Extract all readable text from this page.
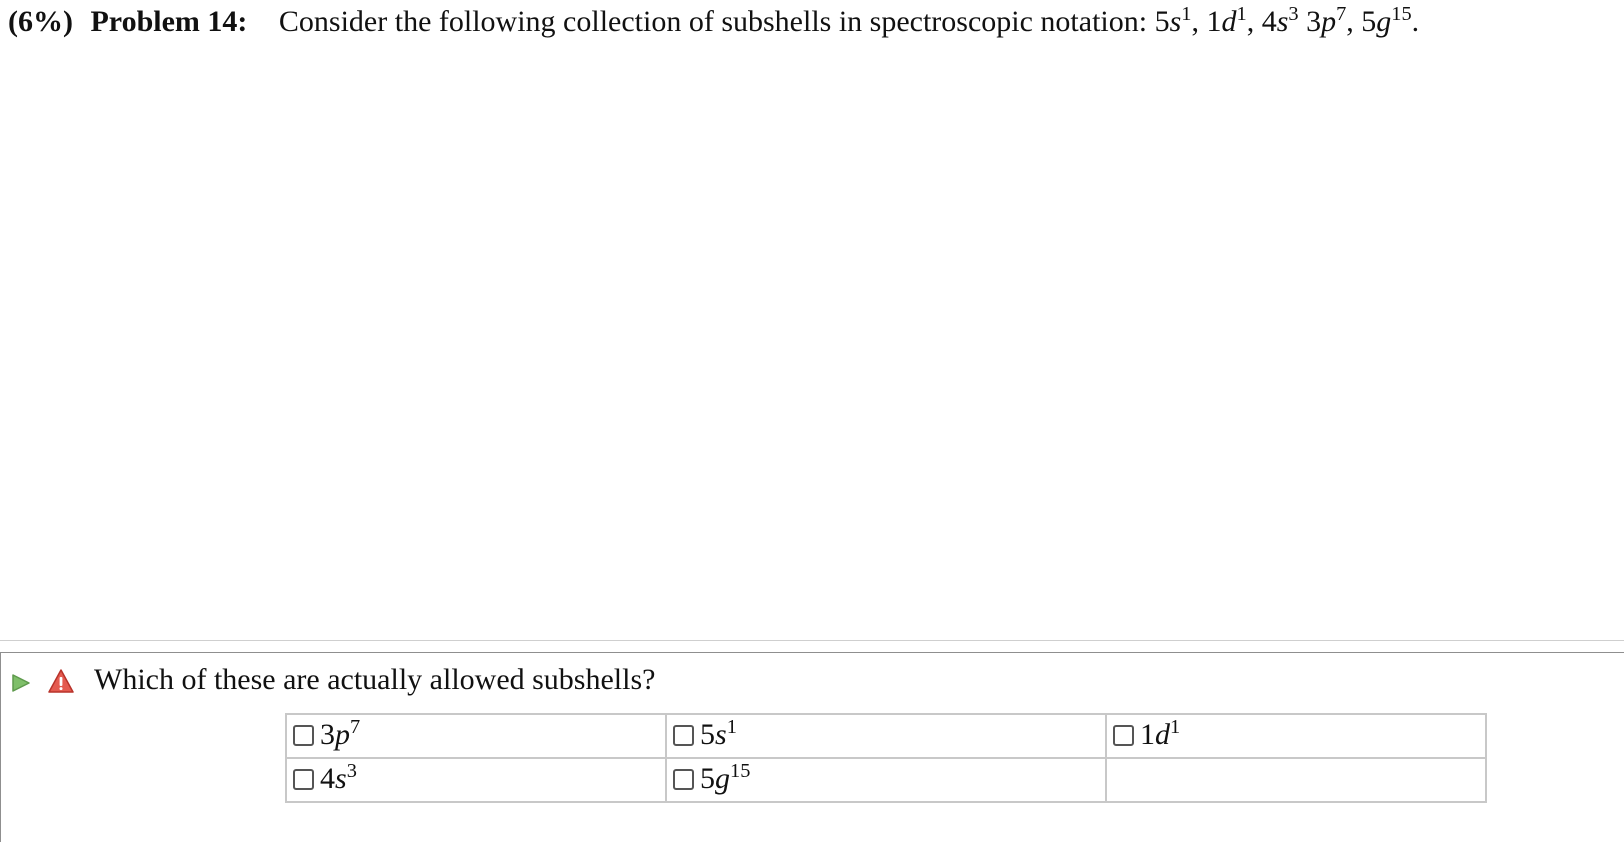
(6%) Problem 14: Consider the following collection of subshells in spectroscopic notation: $5s^1$, $1d^1$, $4s^3$ $3p^7$, $5g^{15}$.
Which of these are actually allowed subshells?
$3p^7$	$5s^1$	$1d^1$

$4s^3$	$5g^{15}$
